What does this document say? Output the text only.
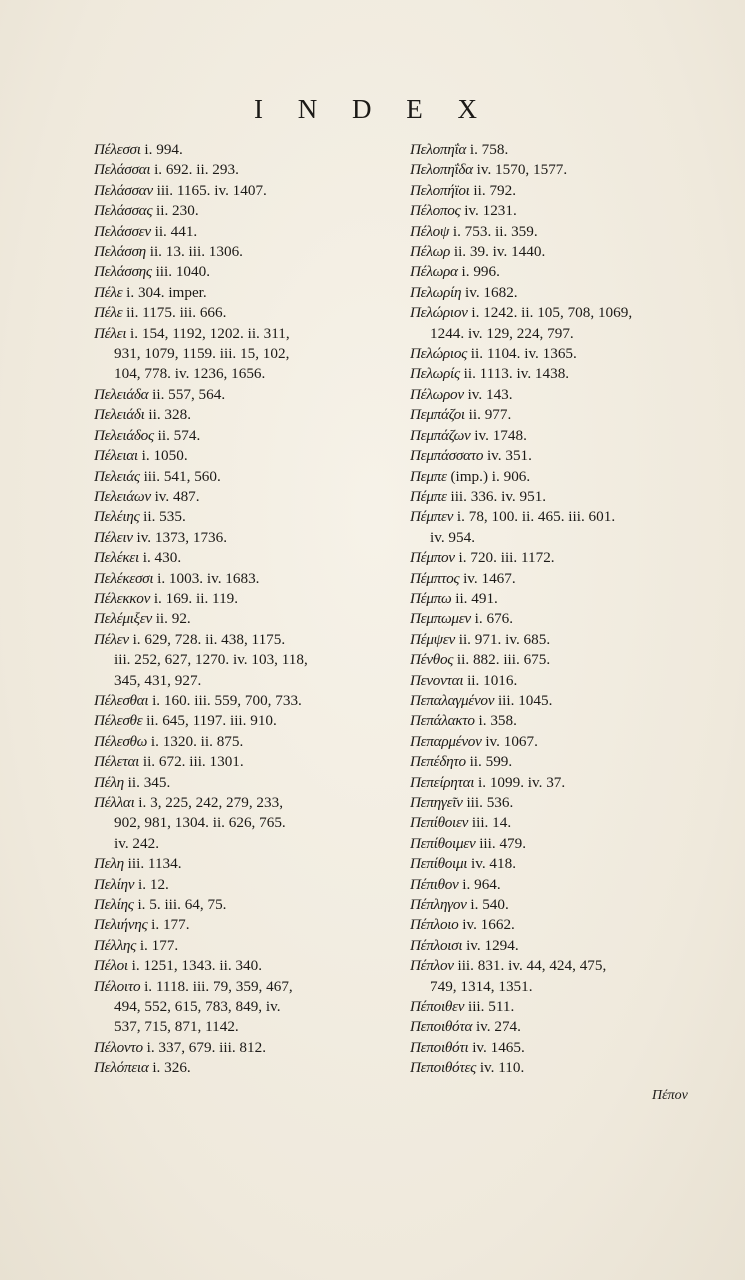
I N D E X
Πέλεσσι i. 994.
Πελάσσαι i. 692. ii. 293.
Πελάσσαν iii. 1165. iv. 1407.
Πελάσσας ii. 230.
Πελάσσεν ii. 441.
Πελάσση ii. 13. iii. 1306.
Πελάσσης iii. 1040.
Πέλε i. 304. imper.
Πέλε ii. 1175. iii. 666.
Πέλει i. 154, 1192, 1202. ii. 311,
931, 1079, 1159. iii. 15, 102,
104, 778. iv. 1236, 1656.
Πελειάδα ii. 557, 564.
Πελειάδι ii. 328.
Πελειάδος ii. 574.
Πέλειαι i. 1050.
Πελειάς iii. 541, 560.
Πελειάων iv. 487.
Πελέιης ii. 535.
Πέλειν iv. 1373, 1736.
Πελέκει i. 430.
Πελέκεσσι i. 1003. iv. 1683.
Πέλεκκον i. 169. ii. 119.
Πελέμιξεν ii. 92.
Πέλεν i. 629, 728. ii. 438, 1175.
iii. 252, 627, 1270. iv. 103, 118,
345, 431, 927.
Πέλεσθαι i. 160. iii. 559, 700, 733.
Πέλεσθε ii. 645, 1197. iii. 910.
Πέλεσθω i. 1320. ii. 875.
Πέλεται ii. 672. iii. 1301.
Πέλη ii. 345.
Πέλλαι i. 3, 225, 242, 279, 233,
902, 981, 1304. ii. 626, 765.
iv. 242.
Πελη iii. 1134.
Πελίην i. 12.
Πελίης i. 5. iii. 64, 75.
Πελιήνης i. 177.
Πέλλης i. 177.
Πέλοι i. 1251, 1343. ii. 340.
Πέλοιτο i. 1118. iii. 79, 359, 467,
494, 552, 615, 783, 849, iv.
537, 715, 871, 1142.
Πέλοντο i. 337, 679. iii. 812.
Πελόπεια i. 326.
Πελοπηΐα i. 758.
Πελοπηΐδα iv. 1570, 1577.
Πελοπήϊοι ii. 792.
Πέλοπος iv. 1231.
Πέλοψ i. 753. ii. 359.
Πέλωρ ii. 39. iv. 1440.
Πέλωρα i. 996.
Πελωρίη iv. 1682.
Πελώριον i. 1242. ii. 105, 708, 1069,
1244. iv. 129, 224, 797.
Πελώριος ii. 1104. iv. 1365.
Πελωρίς ii. 1113. iv. 1438.
Πέλωρον iv. 143.
Πεμπάζοι ii. 977.
Πεμπάζων iv. 1748.
Πεμπάσσατο iv. 351.
Πεμπε (imp.) i. 906.
Πέμπε iii. 336. iv. 951.
Πέμπεν i. 78, 100. ii. 465. iii. 601.
iv. 954.
Πέμπον i. 720. iii. 1172.
Πέμπτος iv. 1467.
Πέμπω ii. 491.
Πεμπωμεν i. 676.
Πέμψεν ii. 971. iv. 685.
Πένθος ii. 882. iii. 675.
Πενονται ii. 1016.
Πεπαλαγμένον iii. 1045.
Πεπάλακτο i. 358.
Πεπαρμένον iv. 1067.
Πεπέδητο ii. 599.
Πεπείρηται i. 1099. iv. 37.
Πεπηγεῖν iii. 536.
Πεπίθοιεν iii. 14.
Πεπίθοιμεν iii. 479.
Πεπίθοιμι iv. 418.
Πέπιθον i. 964.
Πέπληγον i. 540.
Πέπλοιο iv. 1662.
Πέπλοισι iv. 1294.
Πέπλον iii. 831. iv. 44, 424, 475,
749, 1314, 1351.
Πέποιθεν iii. 511.
Πεποιθότα iv. 274.
Πεποιθότι iv. 1465.
Πεποιθότες iv. 110.
Πέπον
